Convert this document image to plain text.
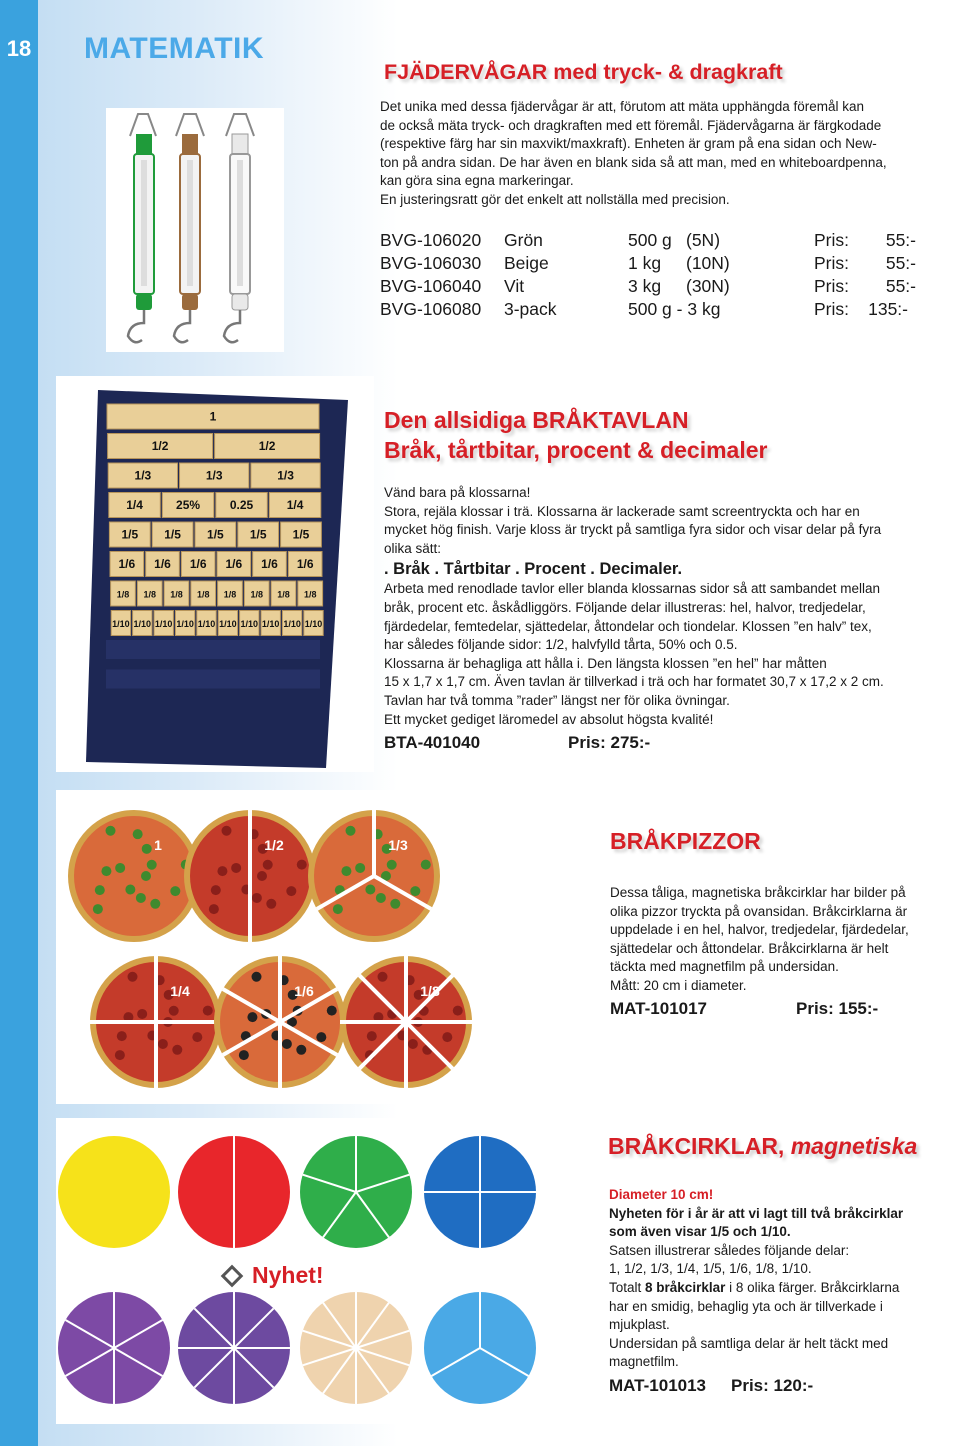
18 MATEMATIK
FJÄDERVÅGAR med tryck- & dragkraft

Det unika med dessa fjädervågar är att, förutom att mäta upphängda föremål kan

de också mäta tryck- och dragkraften med ett föremål. Fjädervågarna är färgkodade

(respektive färg har sin maxvikt/maxkraft). Enheten är gram på ena sidan och New-

ton på andra sidan. De har även en blank sida så att man, med en whiteboardpenna,

kan göra sina egna markeringar.

En justeringsratt gör det enkelt att nollställa med precision.

BVG-106020	Grön	500 g (5N)	Pris:	55:-
BVG-106030	Beige	1 kg	(10N)	Pris:	55:-
BVG-106040	Vit	3 kg	(30N)	Pris:	55:-
BVG-106080	3-pack	500 g - 3 kg	Pris:	135:-
1
1/2	1/2
1/3	1/3	1/3
1/4	25% 0.25	1/4
1/5 1/5 1/5 1/5 1/5
1/6 1/6 1/6 1/6 1/6 1/6
1/8 1/8 1/8 1/8 1/8 1/8 1/8 1/8
1/10 1/10 1/10 1/10 1/10 1/10 1/10 1/10 1/10 1/10
Den allsidiga BRÅKTAVLAN
Bråk, tårtbitar, procent & decimaler

Vänd bara på klossarna!

Stora, rejäla klossar i trä. Klossarna är lackerade samt screentryckta och har en

mycket hög finish. Varje kloss är tryckt på samtliga fyra sidor och visar delar på fyra

olika sätt:

. Bråk . Tårtbitar . Procent . Decimaler.

Arbeta med renodlade tavlor eller blanda klossarnas sidor så att sambandet mellan

bråk, procent etc. åskådliggörs. Följande delar illustreras: hel, halvor, tredjedelar,

fjärdedelar, femtedelar, sjättedelar, åttondelar och tiondelar. Klossen ”en halv” tex,

har således följande sidor: 1/2, halvfylld tårta, 50% och 0.5.

Klossarna är behagliga att hålla i. Den längsta klossen ”en hel” har måtten

15 x 1,7 x 1,7 cm. Även tavlan är tillverkad i trä och har formatet 30,7 x 17,2 x 2 cm.

Tavlan har två tomma ”rader” längst ner för olika övningar.

Ett mycket gediget läromedel av absolut högsta kvalité!

BTA-401040	Pris: 275:-
1	1/2	1/3
1/4	1/6	1/8
BRÅKPIZZOR

Dessa tåliga, magnetiska bråkcirklar har bilder på

olika pizzor tryckta på ovansidan. Bråkcirklarna är

uppdelade i en hel, halvor, tredjedelar, fjärdedelar,

sjättedelar och åttondelar. Bråkcirklarna är helt

täckta med magnetfilm på undersidan.

Mått: 20 cm i diameter.

MAT-101017	Pris: 155:-
Nyhet!
BRÅKCIRKLAR, magnetiska

Diameter 10 cm!

Nyheten för i år är att vi lagt till två bråkcirklar

som även visar 1/5 och 1/10.

Satsen illustrerar således följande delar:

1, 1/2, 1/3, 1/4, 1/5, 1/6, 1/8, 1/10.

Totalt 8 bråkcirklar i 8 olika färger. Bråkcirklarna

har en smidig, behaglig yta och är tillverkade i

mjukplast.

Undersidan på samtliga delar är helt täckt med

magnetfilm.

MAT-101013	Pris: 120:-
